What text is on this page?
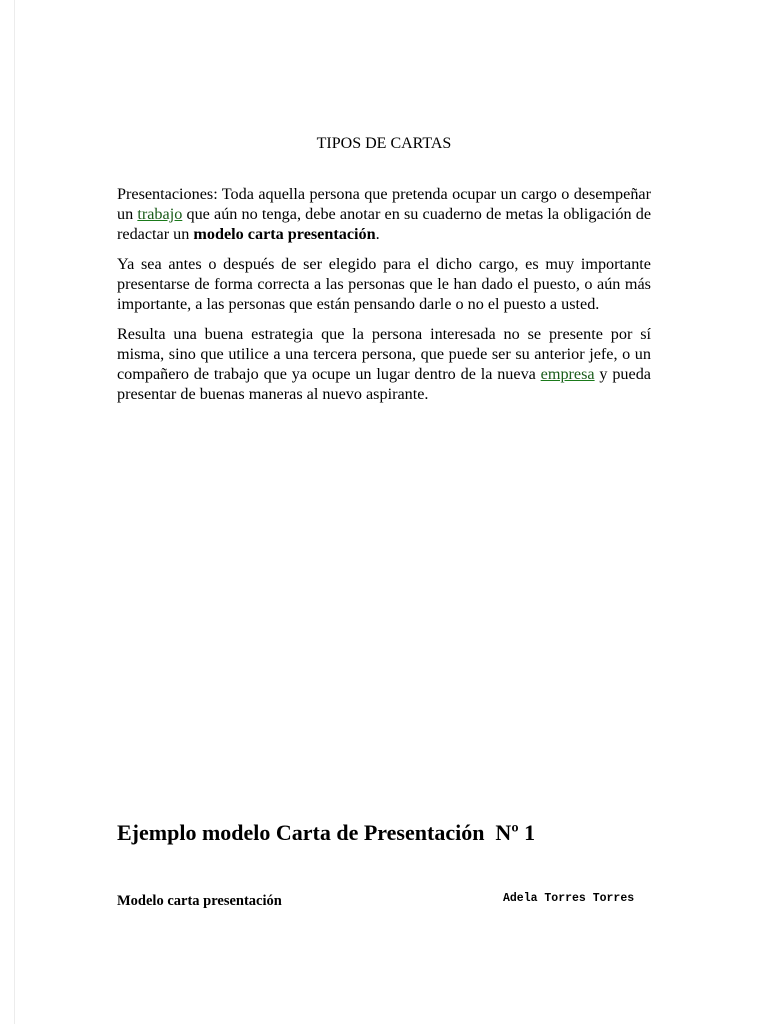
TIPOS DE CARTAS

Presentaciones: Toda aquella persona que pretenda ocupar un cargo o desempeñar un trabajo que aún no tenga, debe anotar en su cuaderno de metas la obligación de redactar un modelo carta presentación.

Ya sea antes o después de ser elegido para el dicho cargo, es muy importante presentarse de forma correcta a las personas que le han dado el puesto, o aún más importante, a las personas que están pensando darle o no el puesto a usted.

Resulta una buena estrategia que la persona interesada no se presente por sí misma, sino que utilice a una tercera persona, que puede ser su anterior jefe, o un compañero de trabajo que ya ocupe un lugar dentro de la nueva empresa y pueda presentar de buenas maneras al nuevo aspirante.

Ejemplo modelo Carta de Presentación  Nº 1
Modelo carta presentación	Adela Torres Torres
